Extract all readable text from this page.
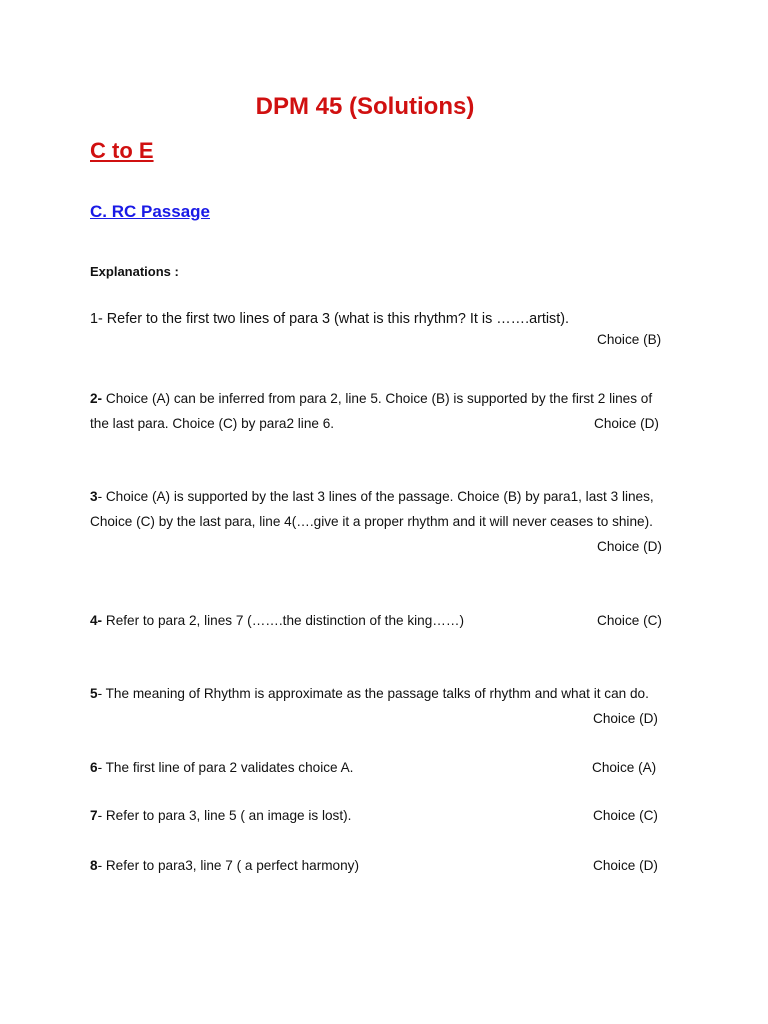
DPM 45 (Solutions)
C to E
C. RC Passage
Explanations :
1- Refer to the first two lines of para 3 (what is this rhythm? It is …….artist).
Choice (B)
2- Choice (A) can be inferred from para 2, line 5. Choice (B) is supported by the first 2 lines of
the last para. Choice (C) by para2 line 6.	Choice (D)
3- Choice (A) is supported by the last 3 lines of the passage. Choice (B) by para1, last 3 lines,
Choice (C) by the last para, line 4(….give it a proper rhythm and it will never ceases to shine).
Choice (D)
4- Refer to para 2, lines 7 (…….the distinction of the king……)	Choice (C)
5- The meaning of Rhythm is approximate as the passage talks of rhythm and what it can do.
Choice (D)
6- The first line of para 2 validates choice A.	Choice (A)
7- Refer to para 3, line 5 ( an image is lost).	Choice (C)
8- Refer to para3, line 7 ( a perfect harmony)	Choice (D)
